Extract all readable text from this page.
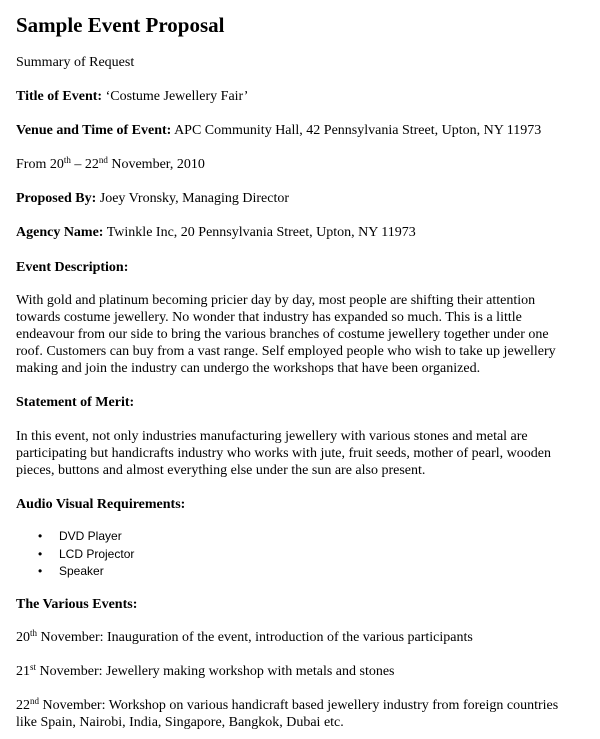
Sample Event Proposal

Summary of Request

Title of Event: ‘Costume Jewellery Fair’

Venue and Time of Event: APC Community Hall, 42 Pennsylvania Street, Upton, NY 11973

From 20th – 22nd November, 2010

Proposed By: Joey Vronsky, Managing Director

Agency Name: Twinkle Inc, 20 Pennsylvania Street, Upton, NY 11973

Event Description:

With gold and platinum becoming pricier day by day, most people are shifting their attention
towards costume jewellery. No wonder that industry has expanded so much. This is a little
endeavour from our side to bring the various branches of costume jewellery together under one
roof. Customers can buy from a vast range. Self employed people who wish to take up jewellery
making and join the industry can undergo the workshops that have been organized.

Statement of Merit:

In this event, not only industries manufacturing jewellery with various stones and metal are
participating but handicrafts industry who works with jute, fruit seeds, mother of pearl, wooden
pieces, buttons and almost everything else under the sun are also present.

Audio Visual Requirements:

• DVD Player
• LCD Projector
• Speaker

The Various Events:

20th November: Inauguration of the event, introduction of the various participants

21st November: Jewellery making workshop with metals and stones

22nd November: Workshop on various handicraft based jewellery industry from foreign countries
like Spain, Nairobi, India, Singapore, Bangkok, Dubai etc.
